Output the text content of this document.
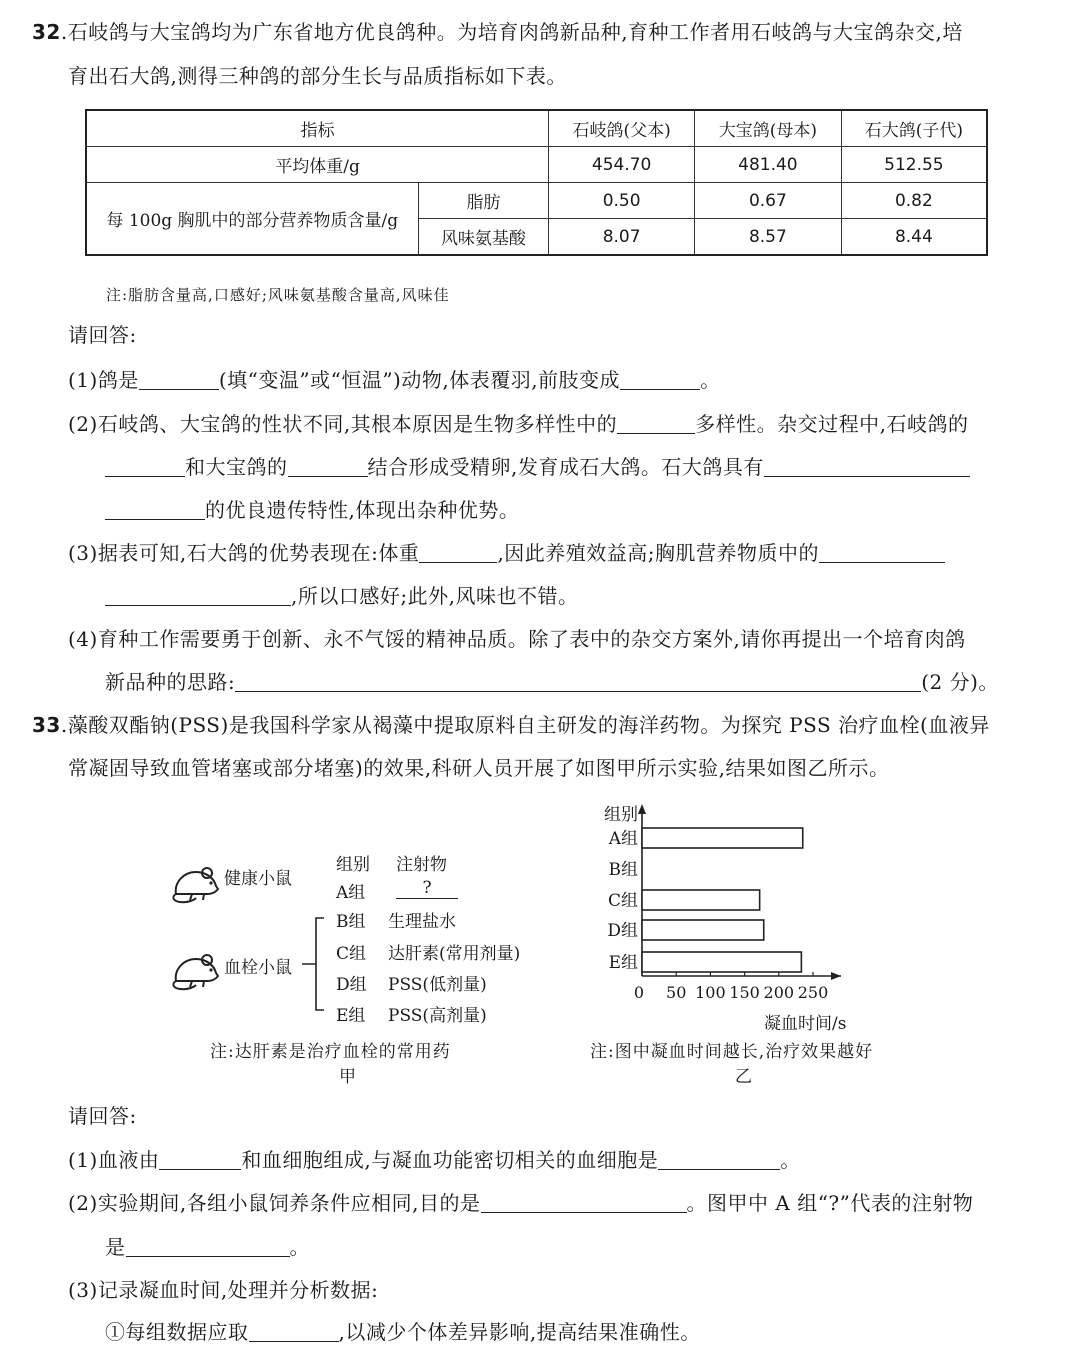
32.石岐鸽与大宝鸽均为广东省地方优良鸽种。为培育肉鸽新品种,育种工作者用石岐鸽与大宝鸽杂交,培
育出石大鸽,测得三种鸽的部分生长与品质指标如下表。
指标		石岐鸽(父本)	大宝鸽(母本)	石大鸽(子代)
平均体重/g		454.70	481.40	512.55
每 100g 胸肌中的部分营养物质含量/g	脂肪	0.50	0.67	0.82
	风味氨基酸	8.07	8.57	8.44
注:脂肪含量高,口感好;风味氨基酸含量高,风味佳
请回答:
(1)鸽是	(填“变温”或“恒温”)动物,体表覆羽,前肢变成	。
(2)石岐鸽、大宝鸽的性状不同,其根本原因是生物多样性中的	多样性。杂交过程中,石岐鸽的
和大宝鸽的	结合形成受精卵,发育成石大鸽。石大鸽具有
的优良遗传特性,体现出杂种优势。
(3)据表可知,石大鸽的优势表现在:体重	,因此养殖效益高;胸肌营养物质中的
,所以口感好;此外,风味也不错。
(4)育种工作需要勇于创新、永不气馁的精神品质。除了表中的杂交方案外,请你再提出一个培育肉鸽
新品种的思路:	(2 分)。
33.藻酸双酯钠(PSS)是我国科学家从褐藻中提取原料自主研发的海洋药物。为探究 PSS 治疗血栓(血液异
常凝固导致血管堵塞或部分堵塞)的效果,科研人员开展了如图甲所示实验,结果如图乙所示。
健康小鼠
血栓小鼠
组别 注射物
A组	?
B组 生理盐水
C组 达肝素(常用剂量)
D组 PSS(低剂量)
E组 PSS(高剂量)
注:达肝素是治疗血栓的常用药
甲
0 50 100 150 200 250
A组
B组
C组
D组
E组
组别
凝血时间/s
注:图中凝血时间越长,治疗效果越好
乙
请回答:
(1)血液由	和血细胞组成,与凝血功能密切相关的血细胞是	。
(2)实验期间,各组小鼠饲养条件应相同,目的是	。图甲中 A 组“?”代表的注射物
是	。
(3)记录凝血时间,处理并分析数据:
①每组数据应取	,以减少个体差异影响,提高结果准确性。
